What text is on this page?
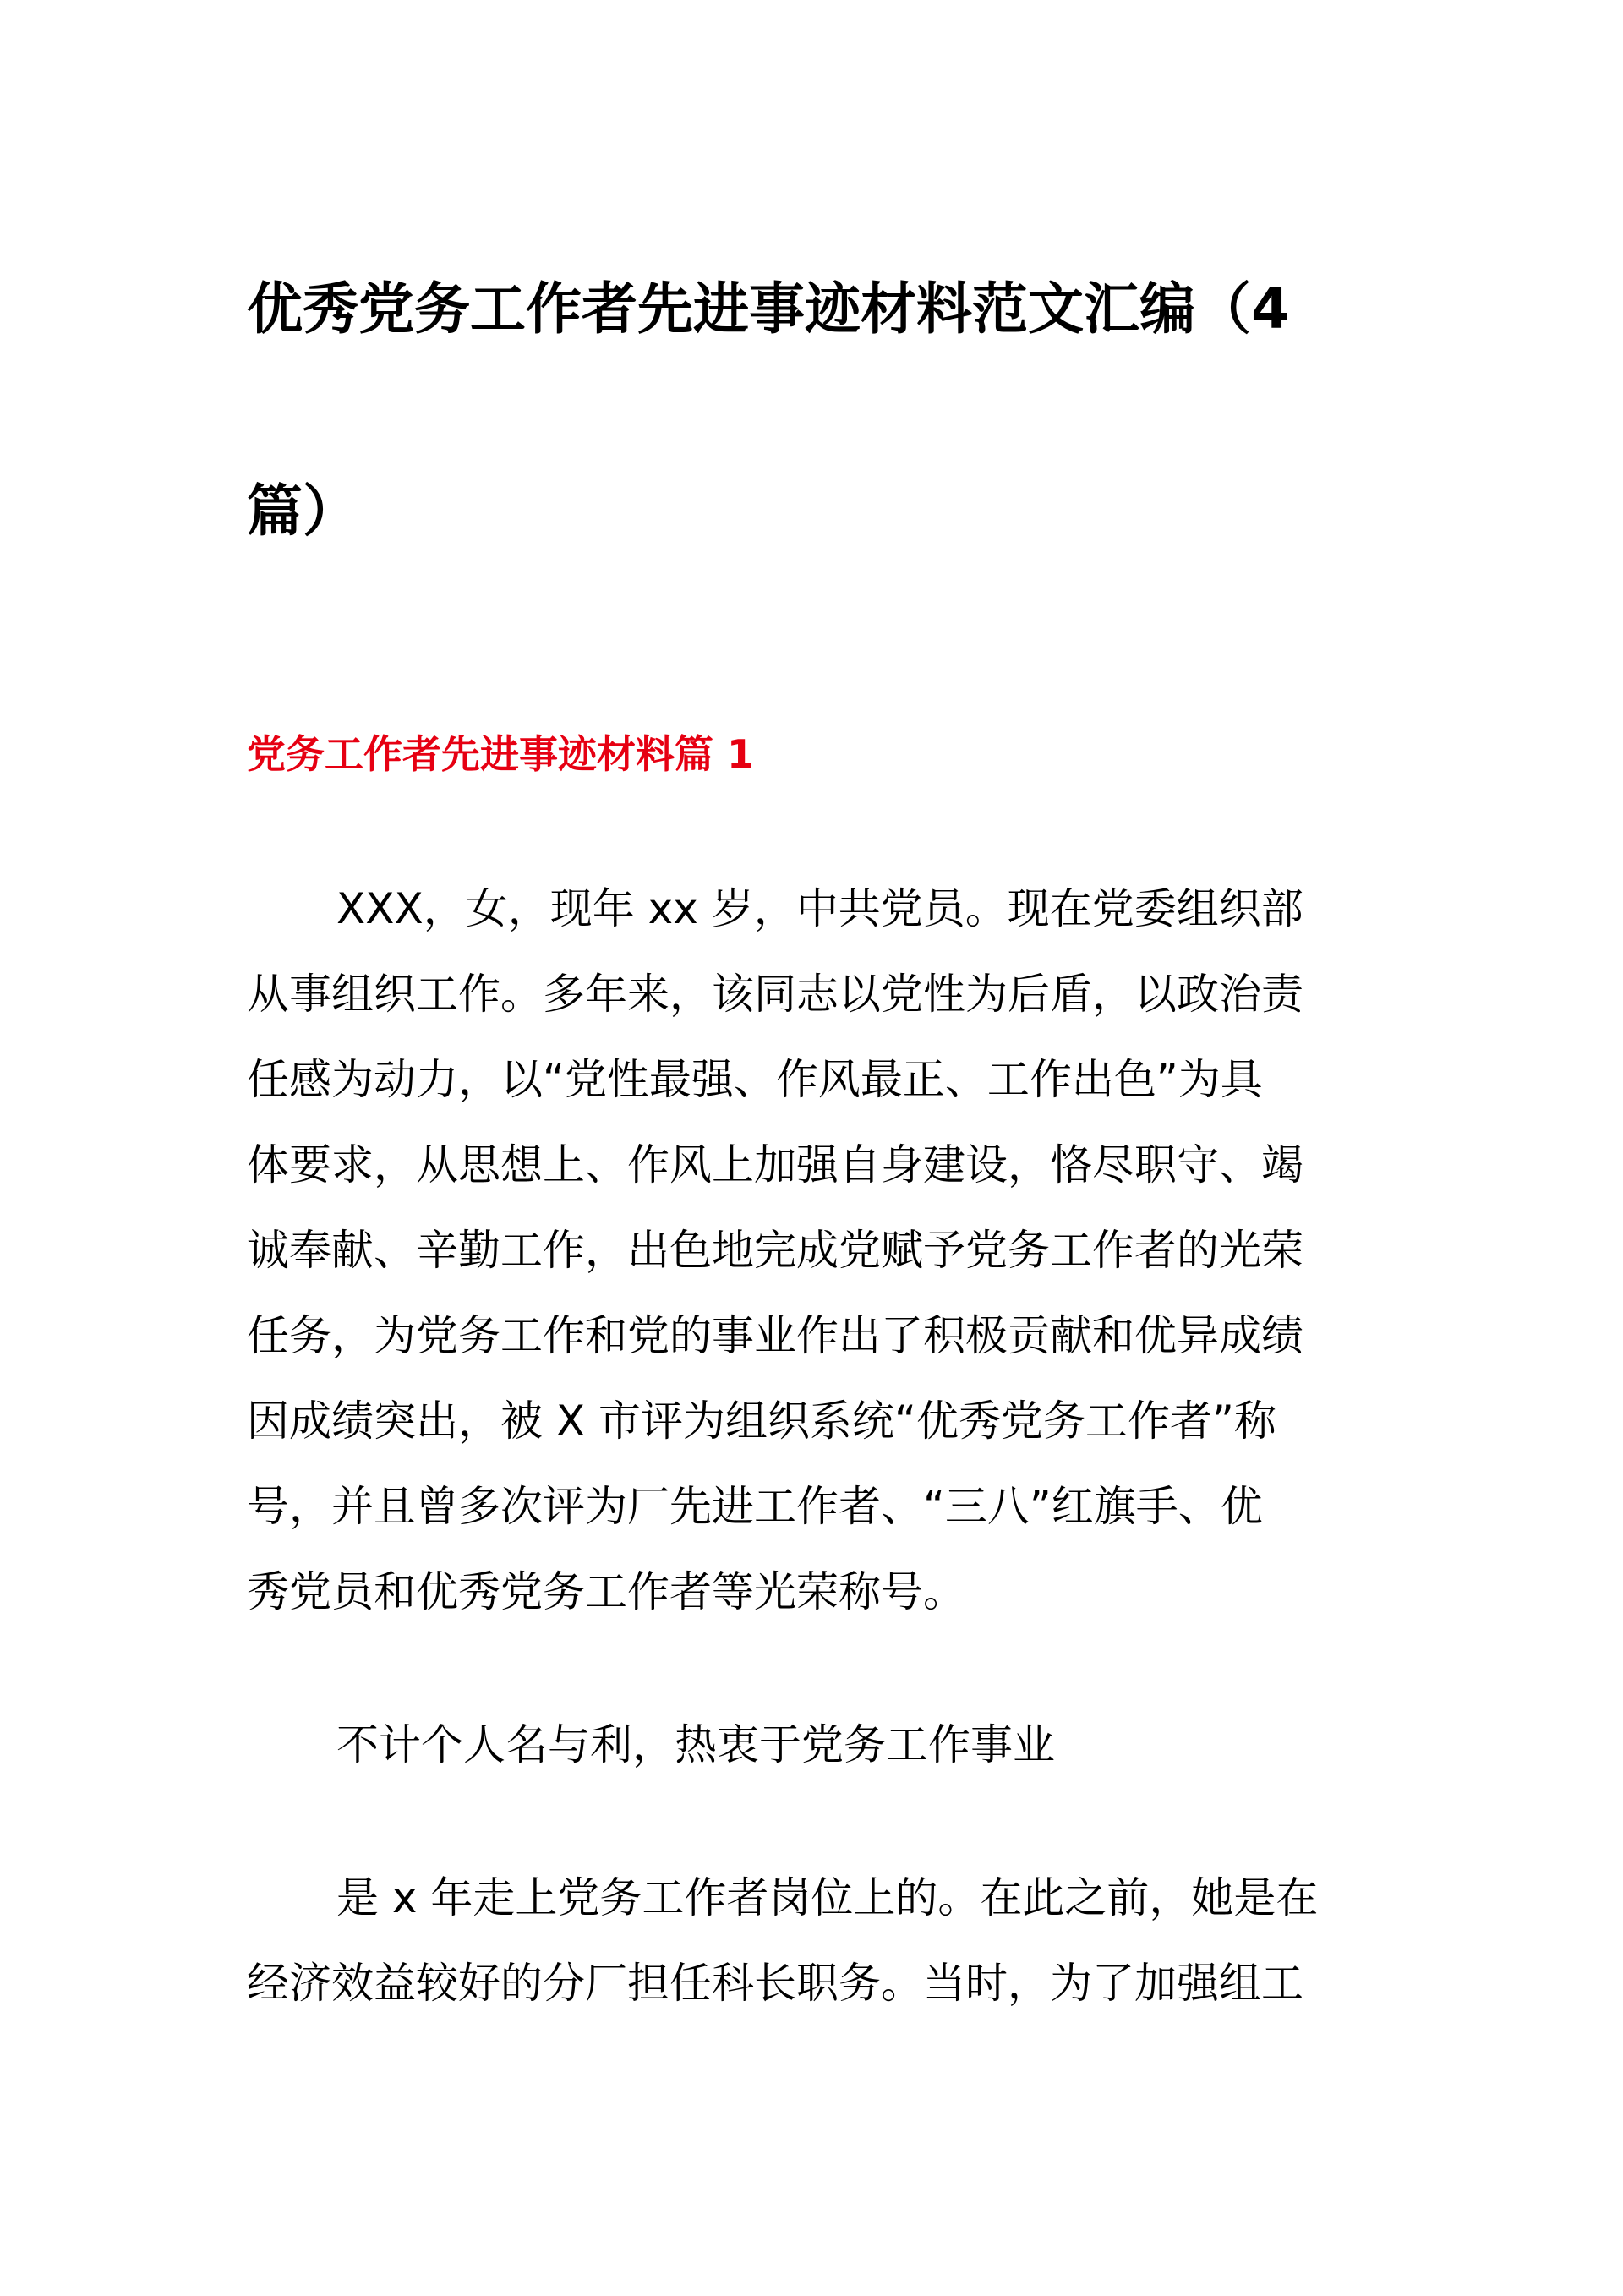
优秀党务工作者先进事迹材料范文汇编（4
篇）
党务工作者先进事迹材料篇 1
XXX，女，现年 xx 岁，中共党员。现在党委组织部
从事组织工作。多年来，该同志以党性为后盾，以政治责
任感为动力，以“党性最强、作风最正、工作出色”为具
体要求，从思想上、作风上加强自身建设，恪尽职守、竭
诚奉献、辛勤工作，出色地完成党赋予党务工作者的光荣
任务，为党务工作和党的事业作出了积极贡献和优异成绩
因成绩突出，被 X 市评为组织系统“优秀党务工作者”称
号，并且曾多次评为厂先进工作者、“三八”红旗手、优
秀党员和优秀党务工作者等光荣称号。
不计个人名与利，热衷于党务工作事业
是 x 年走上党务工作者岗位上的。在此之前，她是在
经济效益较好的分厂担任科长职务。当时，为了加强组工
